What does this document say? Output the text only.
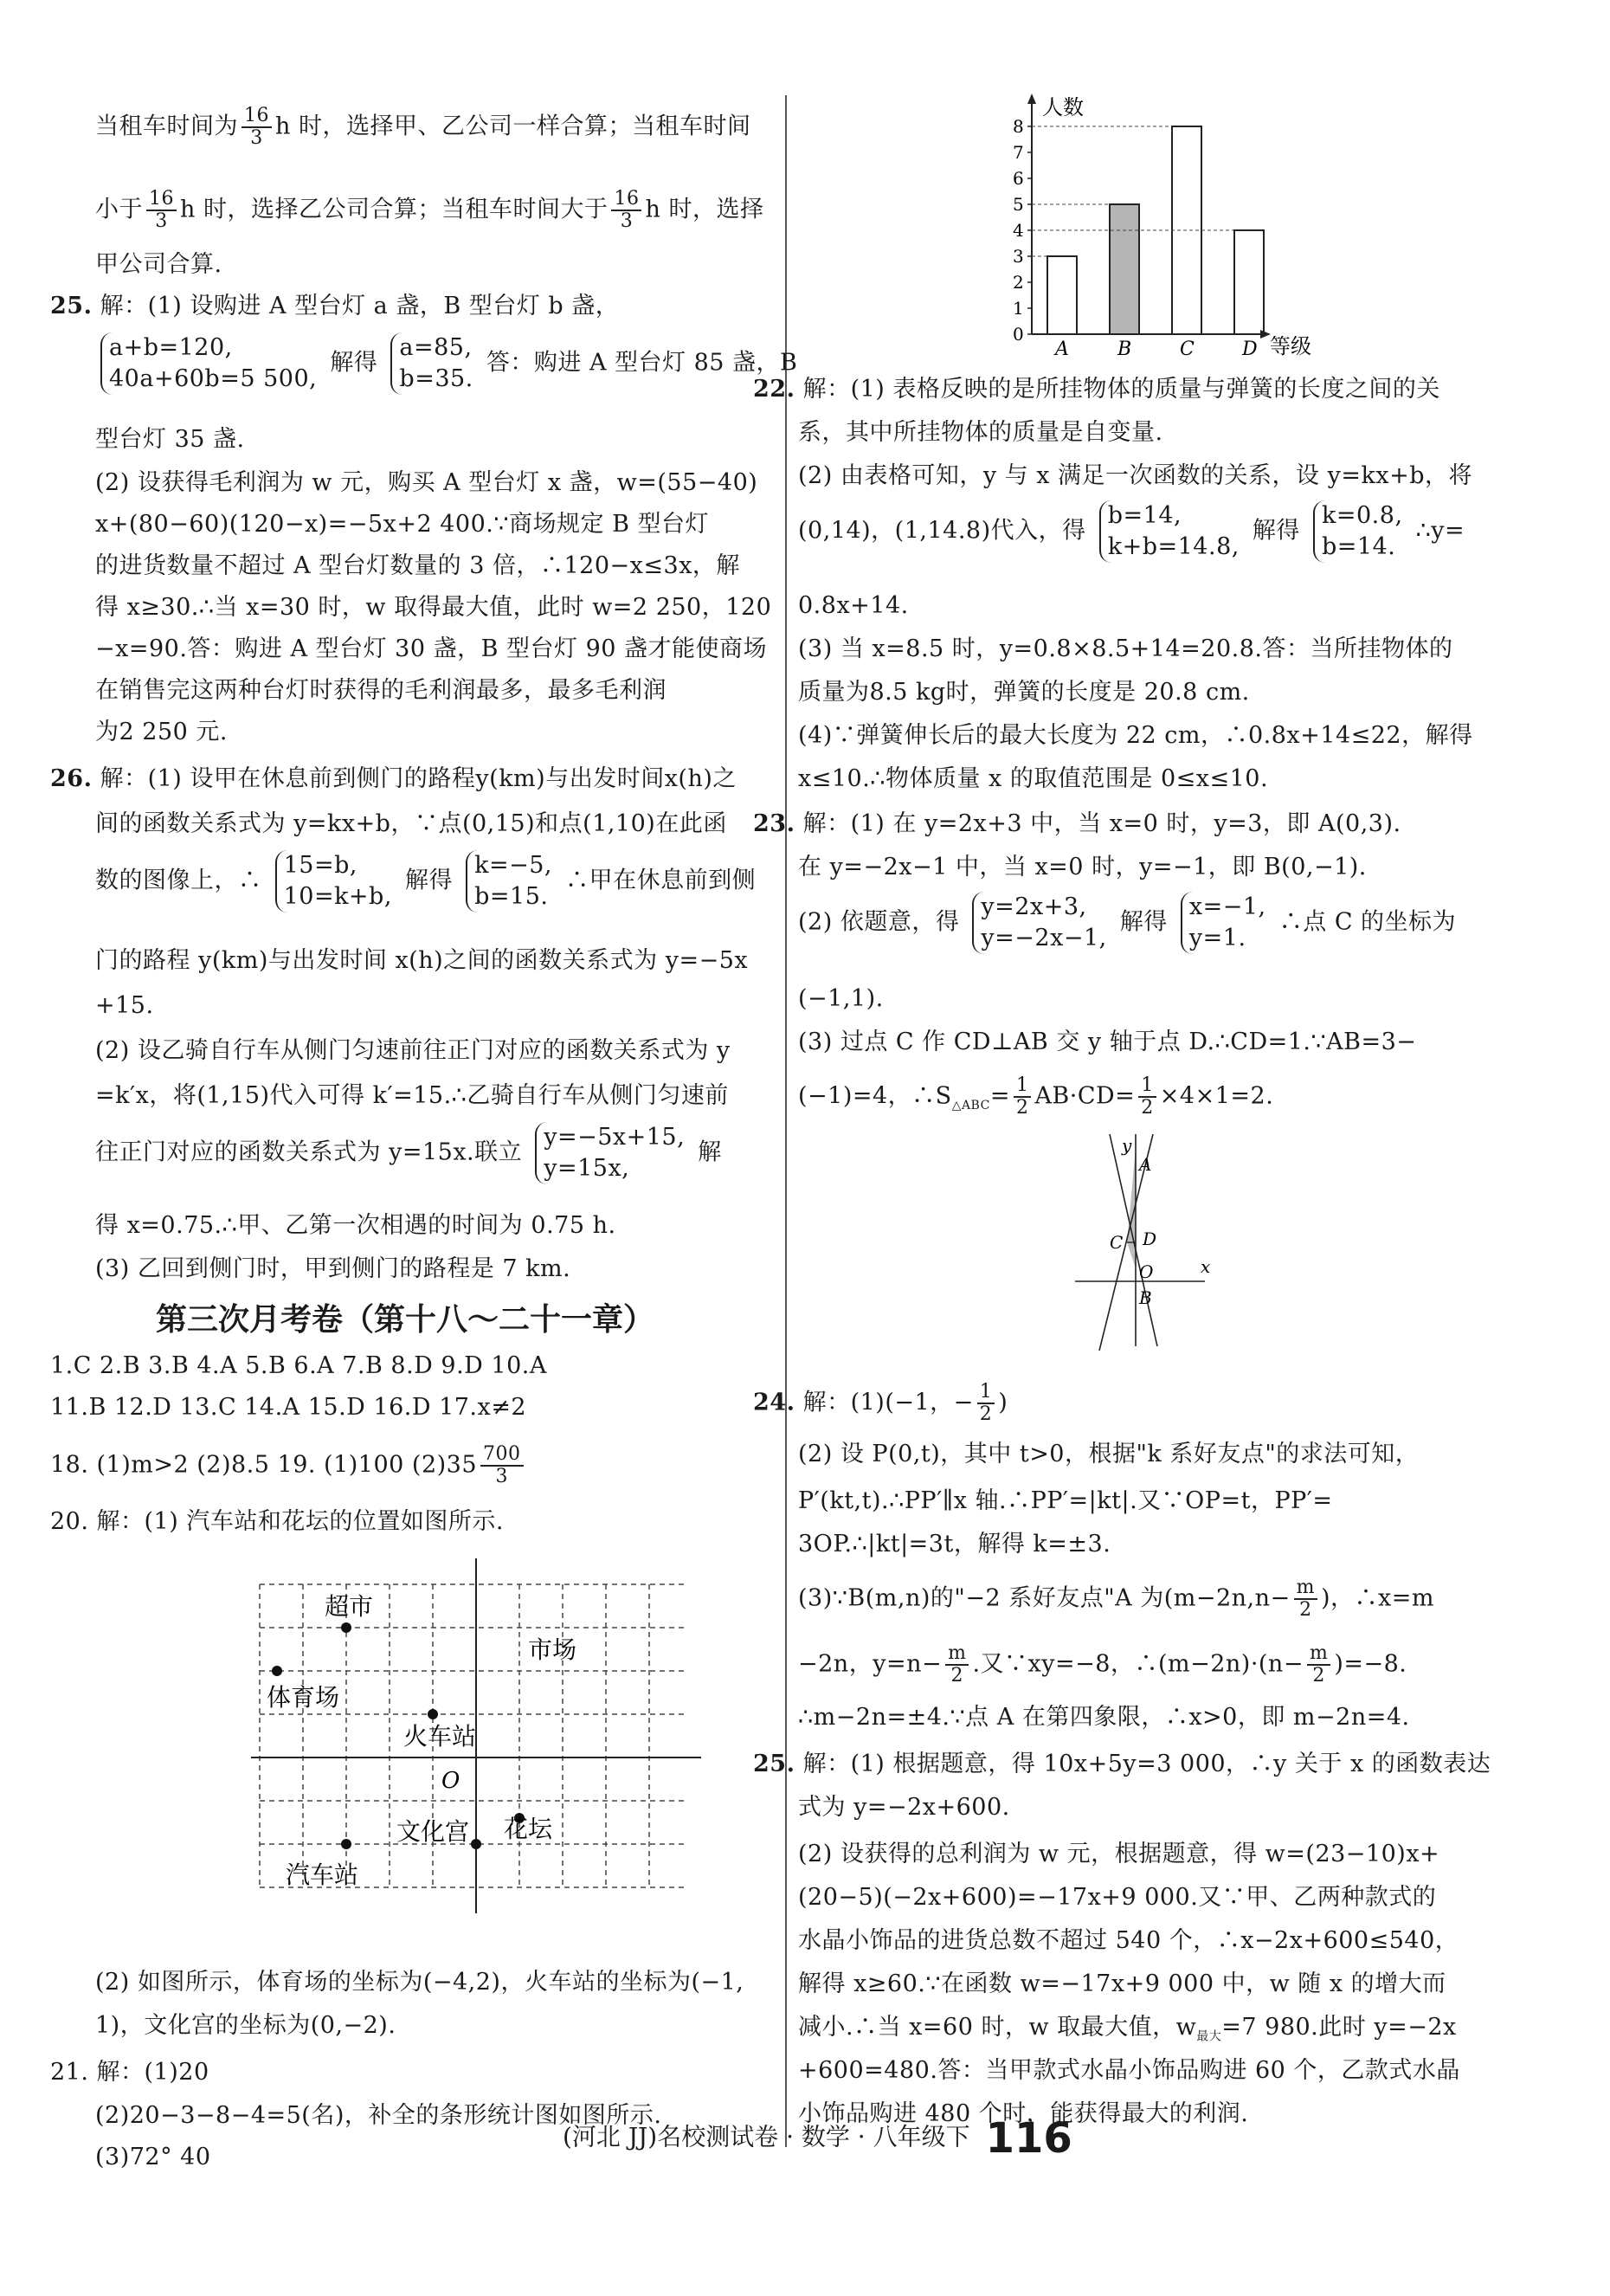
当租车时间为 $\frac{16}{3}$ h 时，选择甲、乙公司一样合算；当租车时间
小于 $\frac{16}{3}$ h 时，选择乙公司合算；当租车时间大于 $\frac{16}{3}$ h 时，选择
甲公司合算.
25. 解：(1) 设购进 A 型台灯 a 盏，B 型台灯 b 盏，
a+b=120,
40a+60b=5 500,
解得
a=85,
b=35.
答：购进 A 型台灯 85 盏，B
型台灯 35 盏.
(2) 设获得毛利润为 w 元，购买 A 型台灯 x 盏，w=(55−40)
x+(80−60)(120−x)=−5x+2 400.∵商场规定 B 型台灯
的进货数量不超过 A 型台灯数量的 3 倍，∴120−x≤3x，解
得 x≥30.∴当 x=30 时，w 取得最大值，此时 w=2 250，120
−x=90.答：购进 A 型台灯 30 盏，B 型台灯 90 盏才能使商场
在销售完这两种台灯时获得的毛利润最多，最多毛利润
为2 250 元.
26. 解：(1) 设甲在休息前到侧门的路程y(km)与出发时间x(h)之
间的函数关系式为 y=kx+b，∵点(0,15)和点(1,10)在此函
数的图像上，∴
15=b,
10=k+b,
解得
k=−5,
b=15.
∴甲在休息前到侧
门的路程 y(km)与出发时间 x(h)之间的函数关系式为 y=−5x
+15.
(2) 设乙骑自行车从侧门匀速前往正门对应的函数关系式为 y
=k′x，将(1,15)代入可得 k′=15.∴乙骑自行车从侧门匀速前
往正门对应的函数关系式为 y=15x.联立
y=−5x+15,
y=15x,
解
得 x=0.75.∴甲、乙第一次相遇的时间为 0.75 h.
(3) 乙回到侧门时，甲到侧门的路程是 7 km.
第三次月考卷（第十八～二十一章）
1.C 2.B 3.B 4.A 5.B 6.A 7.B 8.D 9.D 10.A
11.B 12.D 13.C 14.A 15.D 16.D 17.x≠2
18. (1)m>2 (2)8.5 19. (1)100 $(2)35 \frac{700}{3}$
20. 解：(1) 汽车站和花坛的位置如图所示.
超市
市场
体育场
火车站
O
文化宫 花坛
汽车站
(2) 如图所示，体育场的坐标为(−4,2)，火车站的坐标为(−1,
1)，文化宫的坐标为(0,−2).
21. 解：(1)20
(2)20−3−8−4=5(名)，补全的条形统计图如图所示.
(3)72° 40
人数
等级
0
1
2
3
4
5
6
7
8
A	B	C	D
22. 解：(1) 表格反映的是所挂物体的质量与弹簧的长度之间的关
系，其中所挂物体的质量是自变量.
(2) 由表格可知，y 与 x 满足一次函数的关系，设 y=kx+b，将
(0,14)，(1,14.8)代入，得
b=14,
k+b=14.8,
解得
k=0.8,
b=14.
∴y=
0.8x+14.
(3) 当 x=8.5 时，y=0.8×8.5+14=20.8.答：当所挂物体的
质量为8.5 kg时，弹簧的长度是 20.8 cm.
(4)∵弹簧伸长后的最大长度为 22 cm，∴0.8x+14≤22，解得
x≤10.∴物体质量 x 的取值范围是 0≤x≤10.
23. 解：(1) 在 y=2x+3 中，当 x=0 时，y=3，即 A(0,3).
在 y=−2x−1 中，当 x=0 时，y=−1，即 B(0,−1).
(2) 依题意，得
y=2x+3,
y=−2x−1,
解得
x=−1,
y=1.
∴点 C 的坐标为
(−1,1).
(3) 过点 C 作 CD⊥AB 交 y 轴于点 D.∴CD=1.∵AB=3−
(−1)=4，$\therefore S_{\triangle ABC}= \frac{1}{2} AB\cdot CD= \frac{1}{2} \times 4\times 1=2$.
y
x
A
C D
O
B
24. 解：(1)(−1，− $\frac{1}{2}$ )
(2) 设 P(0,t)，其中 t>0，根据"k 系好友点"的求法可知，
P′(kt,t).∴PP′∥x 轴.∴PP′=|kt|.又∵OP=t，PP′=
3OP.∴|kt|=3t，解得 k=±3.
(3)∵B(m,n)的"−2 系好友点"A 为($m-2n,n- \frac{m}{2}$ )，∴x=m
−2n，$y=n- \frac{m}{2}$ .又∵xy=−8，∴(m−2n)·(n− $\frac{m}{2} )=-8$.
∴m−2n=±4.∵点 A 在第四象限，∴x>0，即 m−2n=4.
25. 解：(1) 根据题意，得 10x+5y=3 000，∴y 关于 x 的函数表达
式为 y=−2x+600.
(2) 设获得的总利润为 w 元，根据题意，得 w=(23−10)x+
(20−5)(−2x+600)=−17x+9 000.又∵甲、乙两种款式的
水晶小饰品的进货总数不超过 540 个，∴x−2x+600≤540，
解得 x≥60.∵在函数 w=−17x+9 000 中，w 随 x 的增大而
减小.∴当 x=60 时，w 取最大值，$w_{最大}=7$ 980.此时 y=−2x
+600=480.答：当甲款式水晶小饰品购进 60 个，乙款式水晶
小饰品购进 480 个时，能获得最大的利润.
(河北 JJ)名校测试卷 · 数学 · 八年级下 116
